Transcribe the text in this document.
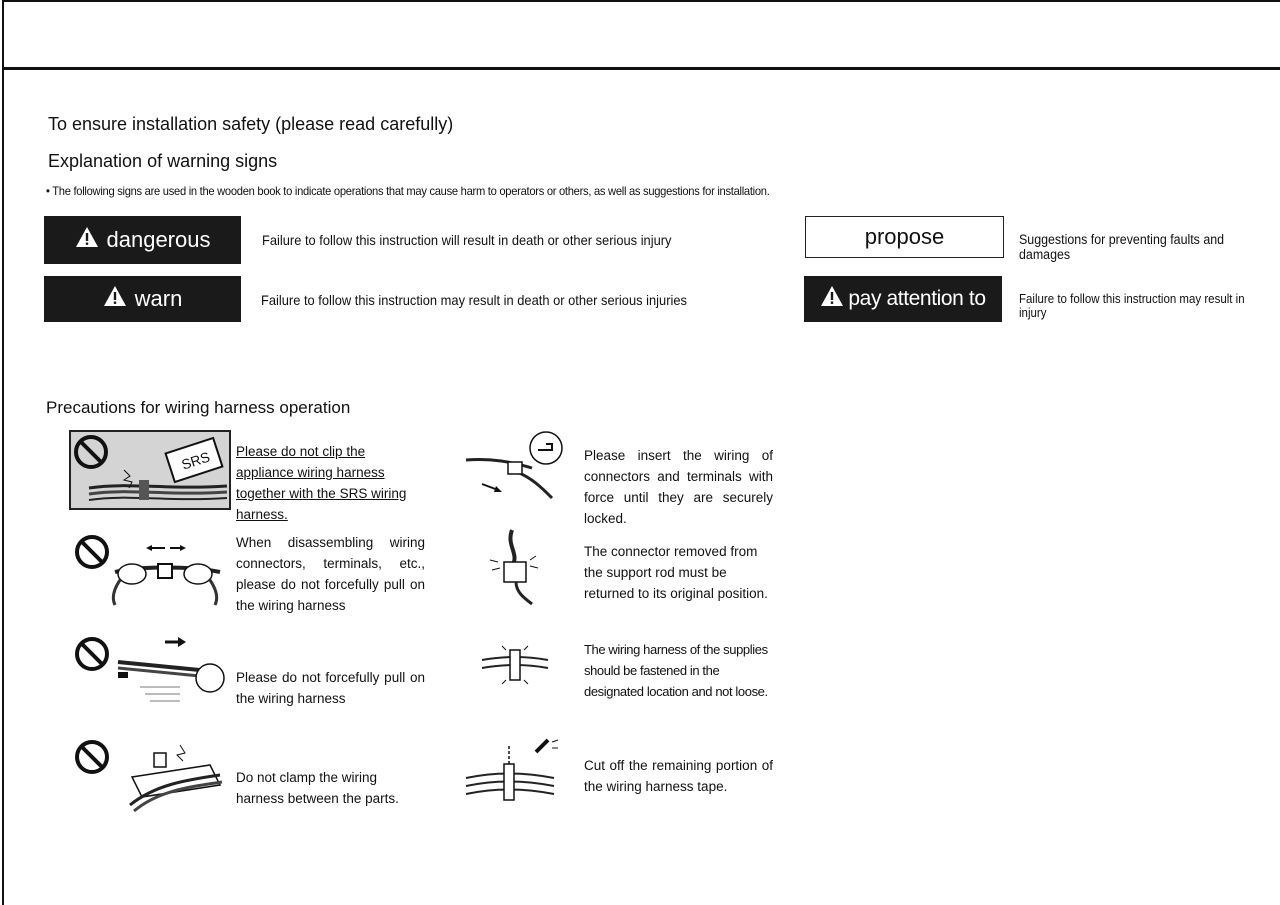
To ensure installation safety (please read carefully)
Explanation of warning signs
• The following signs are used in the wooden book to indicate operations that may cause harm to operators or others, as well as suggestions for installation.
dangerous	Failure to follow this instruction will result in death or other serious injury
warn	Failure to follow this instruction may result in death or other serious injuries
propose	Suggestions for preventing faults and damages
pay attention to	Failure to follow this instruction may result in injury
Precautions for wiring harness operation
SRS Please do not clip the appliance wiring harness together with the SRS wiring harness.
When disassembling wiring connectors, terminals, etc., please do not forcefully pull on the wiring harness
Please do not forcefully pull on the wiring harness
Do not clamp the wiring harness between the parts.
Please insert the wiring of connectors and terminals with force until they are securely locked.
The connector removed from the support rod must be returned to its original position.
The wiring harness of the supplies should be fastened in the designated location and not loose.
Cut off the remaining portion of the wiring harness tape.
